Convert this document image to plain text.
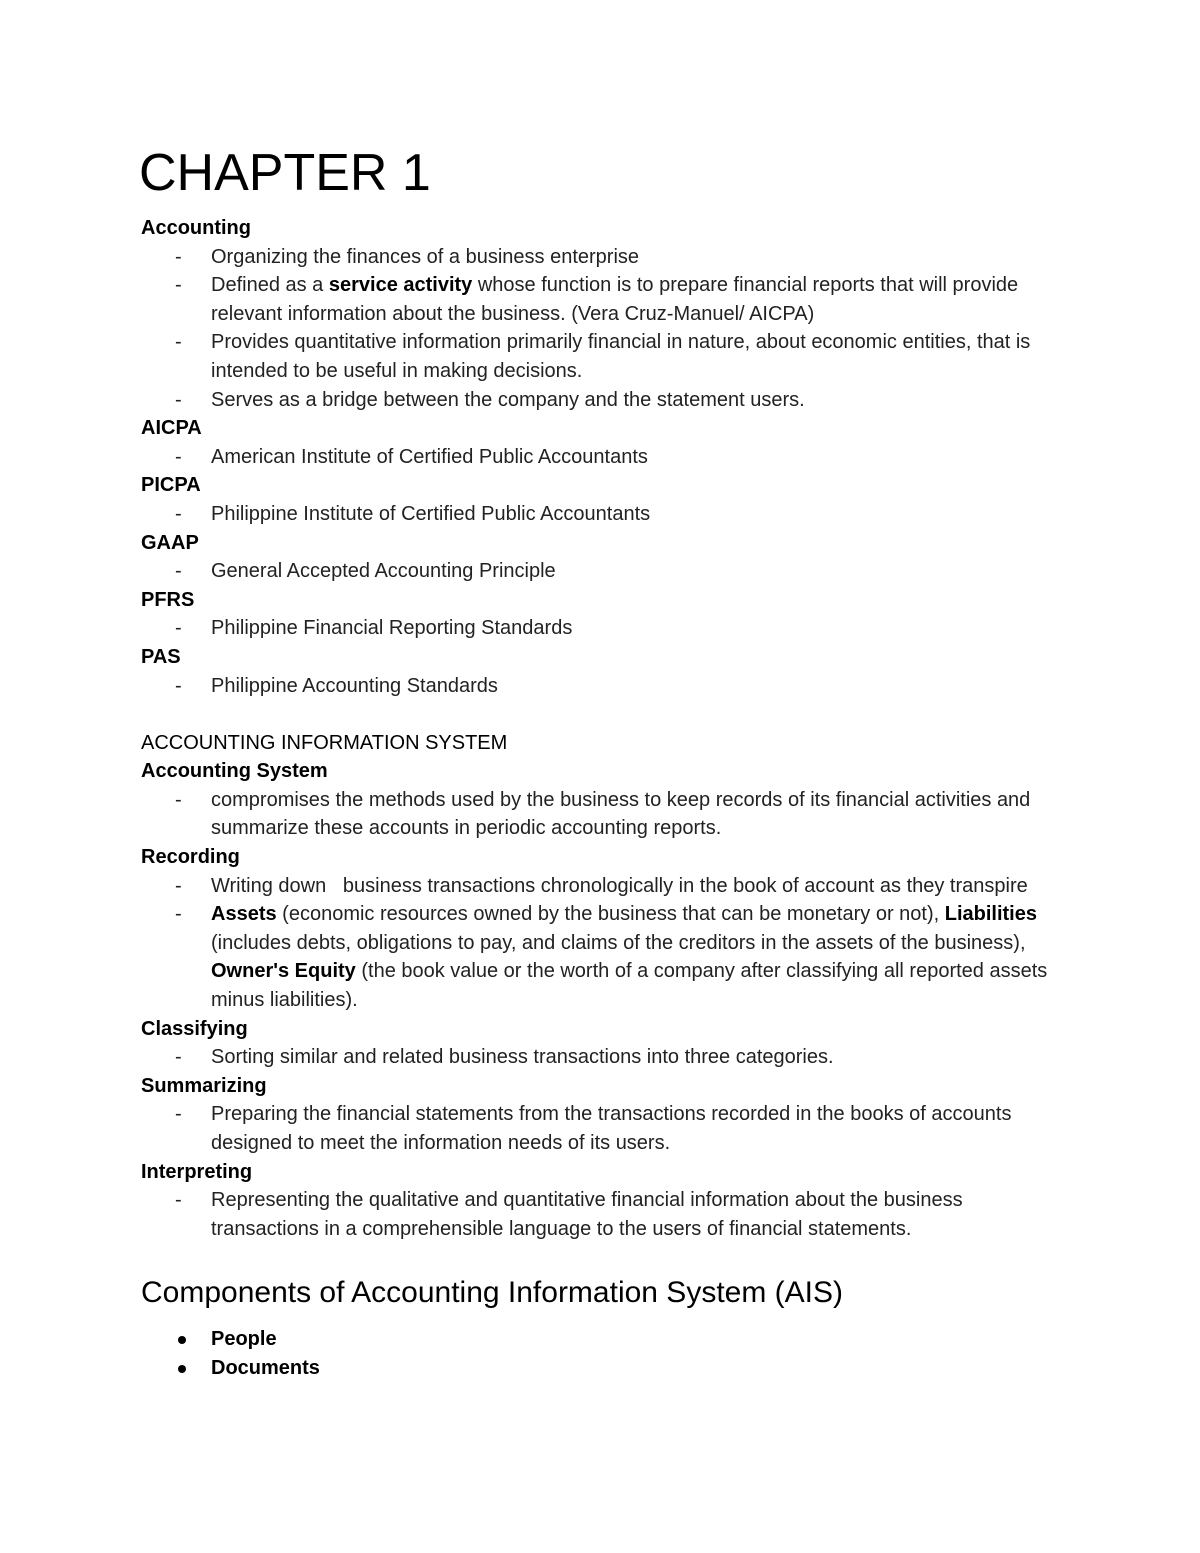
CHAPTER 1

Accounting

- Organizing the finances of a business enterprise
- Defined as a service activity whose function is to prepare financial reports that will provide relevant information about the business. (Vera Cruz-Manuel/ AICPA)
- Provides quantitative information primarily financial in nature, about economic entities, that is intended to be useful in making decisions.
- Serves as a bridge between the company and the statement users.

AICPA

- American Institute of Certified Public Accountants

PICPA

- Philippine Institute of Certified Public Accountants

GAAP

- General Accepted Accounting Principle

PFRS

- Philippine Financial Reporting Standards

PAS

- Philippine Accounting Standards

ACCOUNTING INFORMATION SYSTEM

Accounting System

- compromises the methods used by the business to keep records of its financial activities and summarize these accounts in periodic accounting reports.

Recording

- Writing down   business transactions chronologically in the book of account as they transpire
- Assets (economic resources owned by the business that can be monetary or not), Liabilities (includes debts, obligations to pay, and claims of the creditors in the assets of the business), Owner's Equity (the book value or the worth of a company after classifying all reported assets minus liabilities).

Classifying

- Sorting similar and related business transactions into three categories.

Summarizing

- Preparing the financial statements from the transactions recorded in the books of accounts designed to meet the information needs of its users.

Interpreting

- Representing the qualitative and quantitative financial information about the business transactions in a comprehensible language to the users of financial statements.
Components of Accounting Information System (AIS)
People
Documents
